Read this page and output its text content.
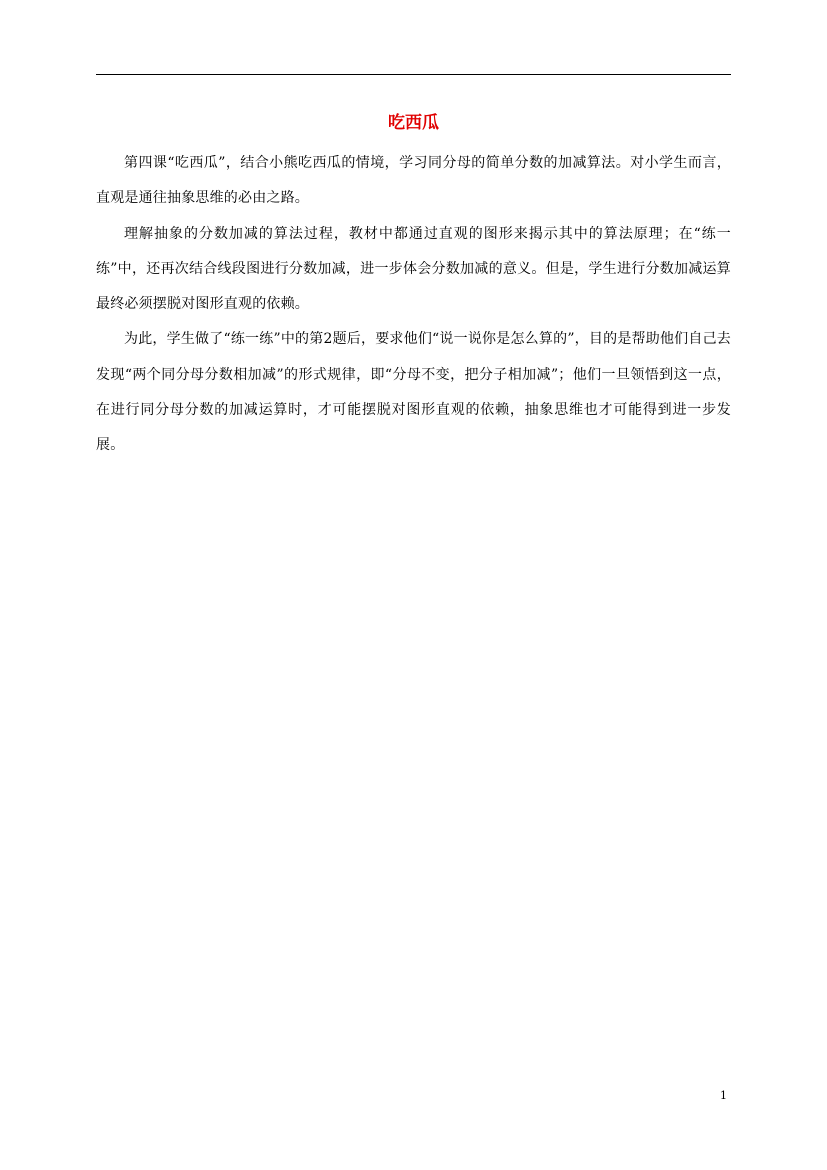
吃西瓜

第四课“吃西瓜”，结合小熊吃西瓜的情境，学习同分母的简单分数的加减算法。对小学生而言，直观是通往抽象思维的必由之路。

理解抽象的分数加减的算法过程，教材中都通过直观的图形来揭示其中的算法原理；在“练一练”中，还再次结合线段图进行分数加减，进一步体会分数加减的意义。但是，学生进行分数加减运算最终必须摆脱对图形直观的依赖。

为此，学生做了“练一练”中的第2题后，要求他们“说一说你是怎么算的”，目的是帮助他们自己去发现“两个同分母分数相加减”的形式规律，即“分母不变，把分子相加减”；他们一旦领悟到这一点，在进行同分母分数的加减运算时，才可能摆脱对图形直观的依赖，抽象思维也才可能得到进一步发展。

1
